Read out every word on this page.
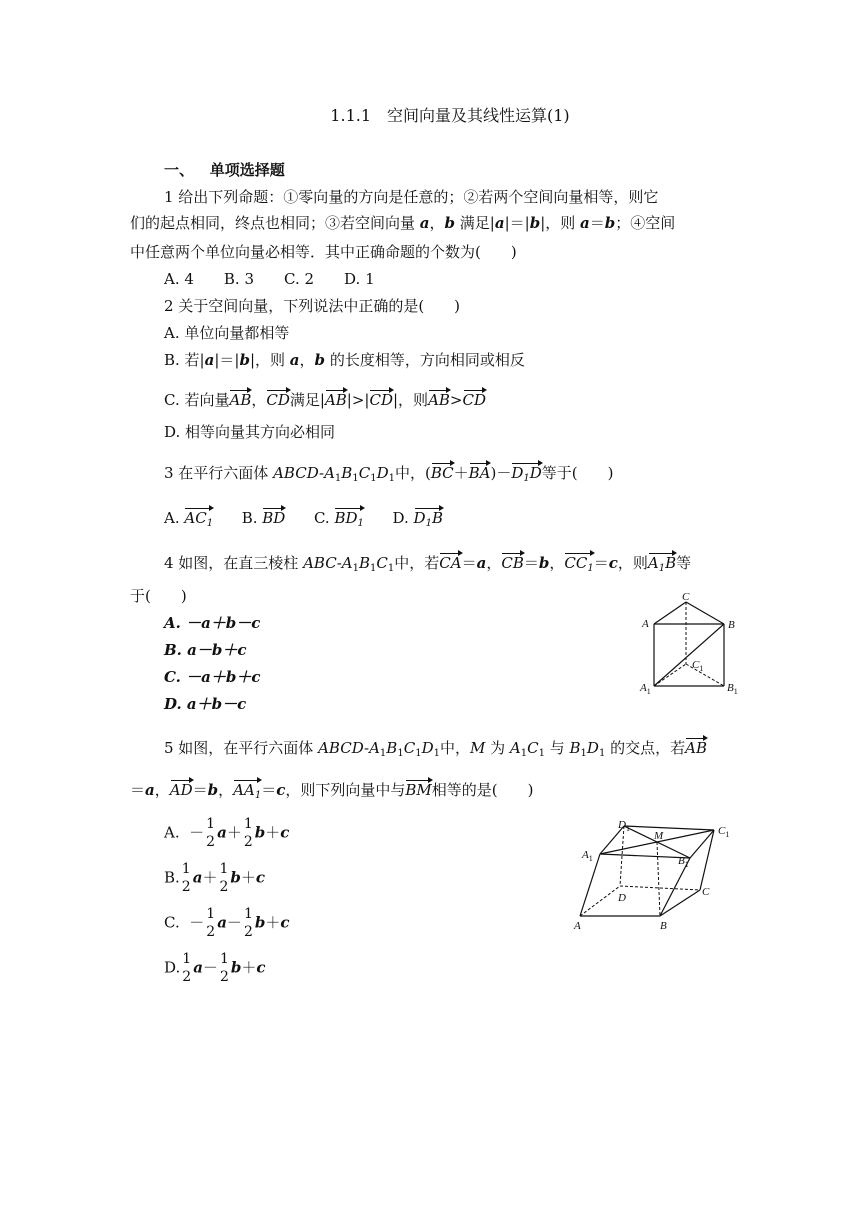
1.1.1　空间向量及其线性运算(1)
一、 单项选择题
1 给出下列命题：①零向量的方向是任意的；②若两个空间向量相等，则它
们的起点相同，终点也相同；③若空间向量 a，b 满足|a|＝|b|，则 a＝b；④空间
中任意两个单位向量必相等．其中正确命题的个数为(　　)
A. 4　　B. 3　　C. 2　　D. 1
2 关于空间向量，下列说法中正确的是(　　)
A. 单位向量都相等
B. 若|a|＝|b|，则 a，b 的长度相等，方向相同或相反
C. 若向量AB，CD满足|AB|>|CD|，则AB>CD
D. 相等向量其方向必相同
3 在平行六面体 ABCD-$A_1B_1C_1D_1$中，$(BC+BA)-D_1D$等于(　　)
A. $AC_1$ B. BD C. $BD_1$ D. $D_1B$
4 如图，在直三棱柱 ABC-$A_1B_1C_1$中，若CA＝a，CB＝b，$CC_1=c$，则$A_1B$等
于(　　)
A. －a＋b－c
B. a－b＋c
C. －a＋b＋c
D. a＋b－c
C
A	B
$C_1$
$A_1$	$B_1$
5 如图，在平行六面体 ABCD-$A_1B_1C_1D_1$中，M 为 $A_1C_1$ 与 $B_1D_1$ 的交点，若AB
＝a，AD＝b，$AA_1=c$，则下列向量中与BM相等的是(　　)
A.  － 1
2 a＋ 1
2 b＋c
B. 1
2 a＋ 1
2 b＋c
C.  － 1
2 a－ 1
2 b＋c
D. 1
2 a－ 1
2 b＋c
$D_1$
M	$C_1$
$A_1$	$B_1$
D	C
A	B
